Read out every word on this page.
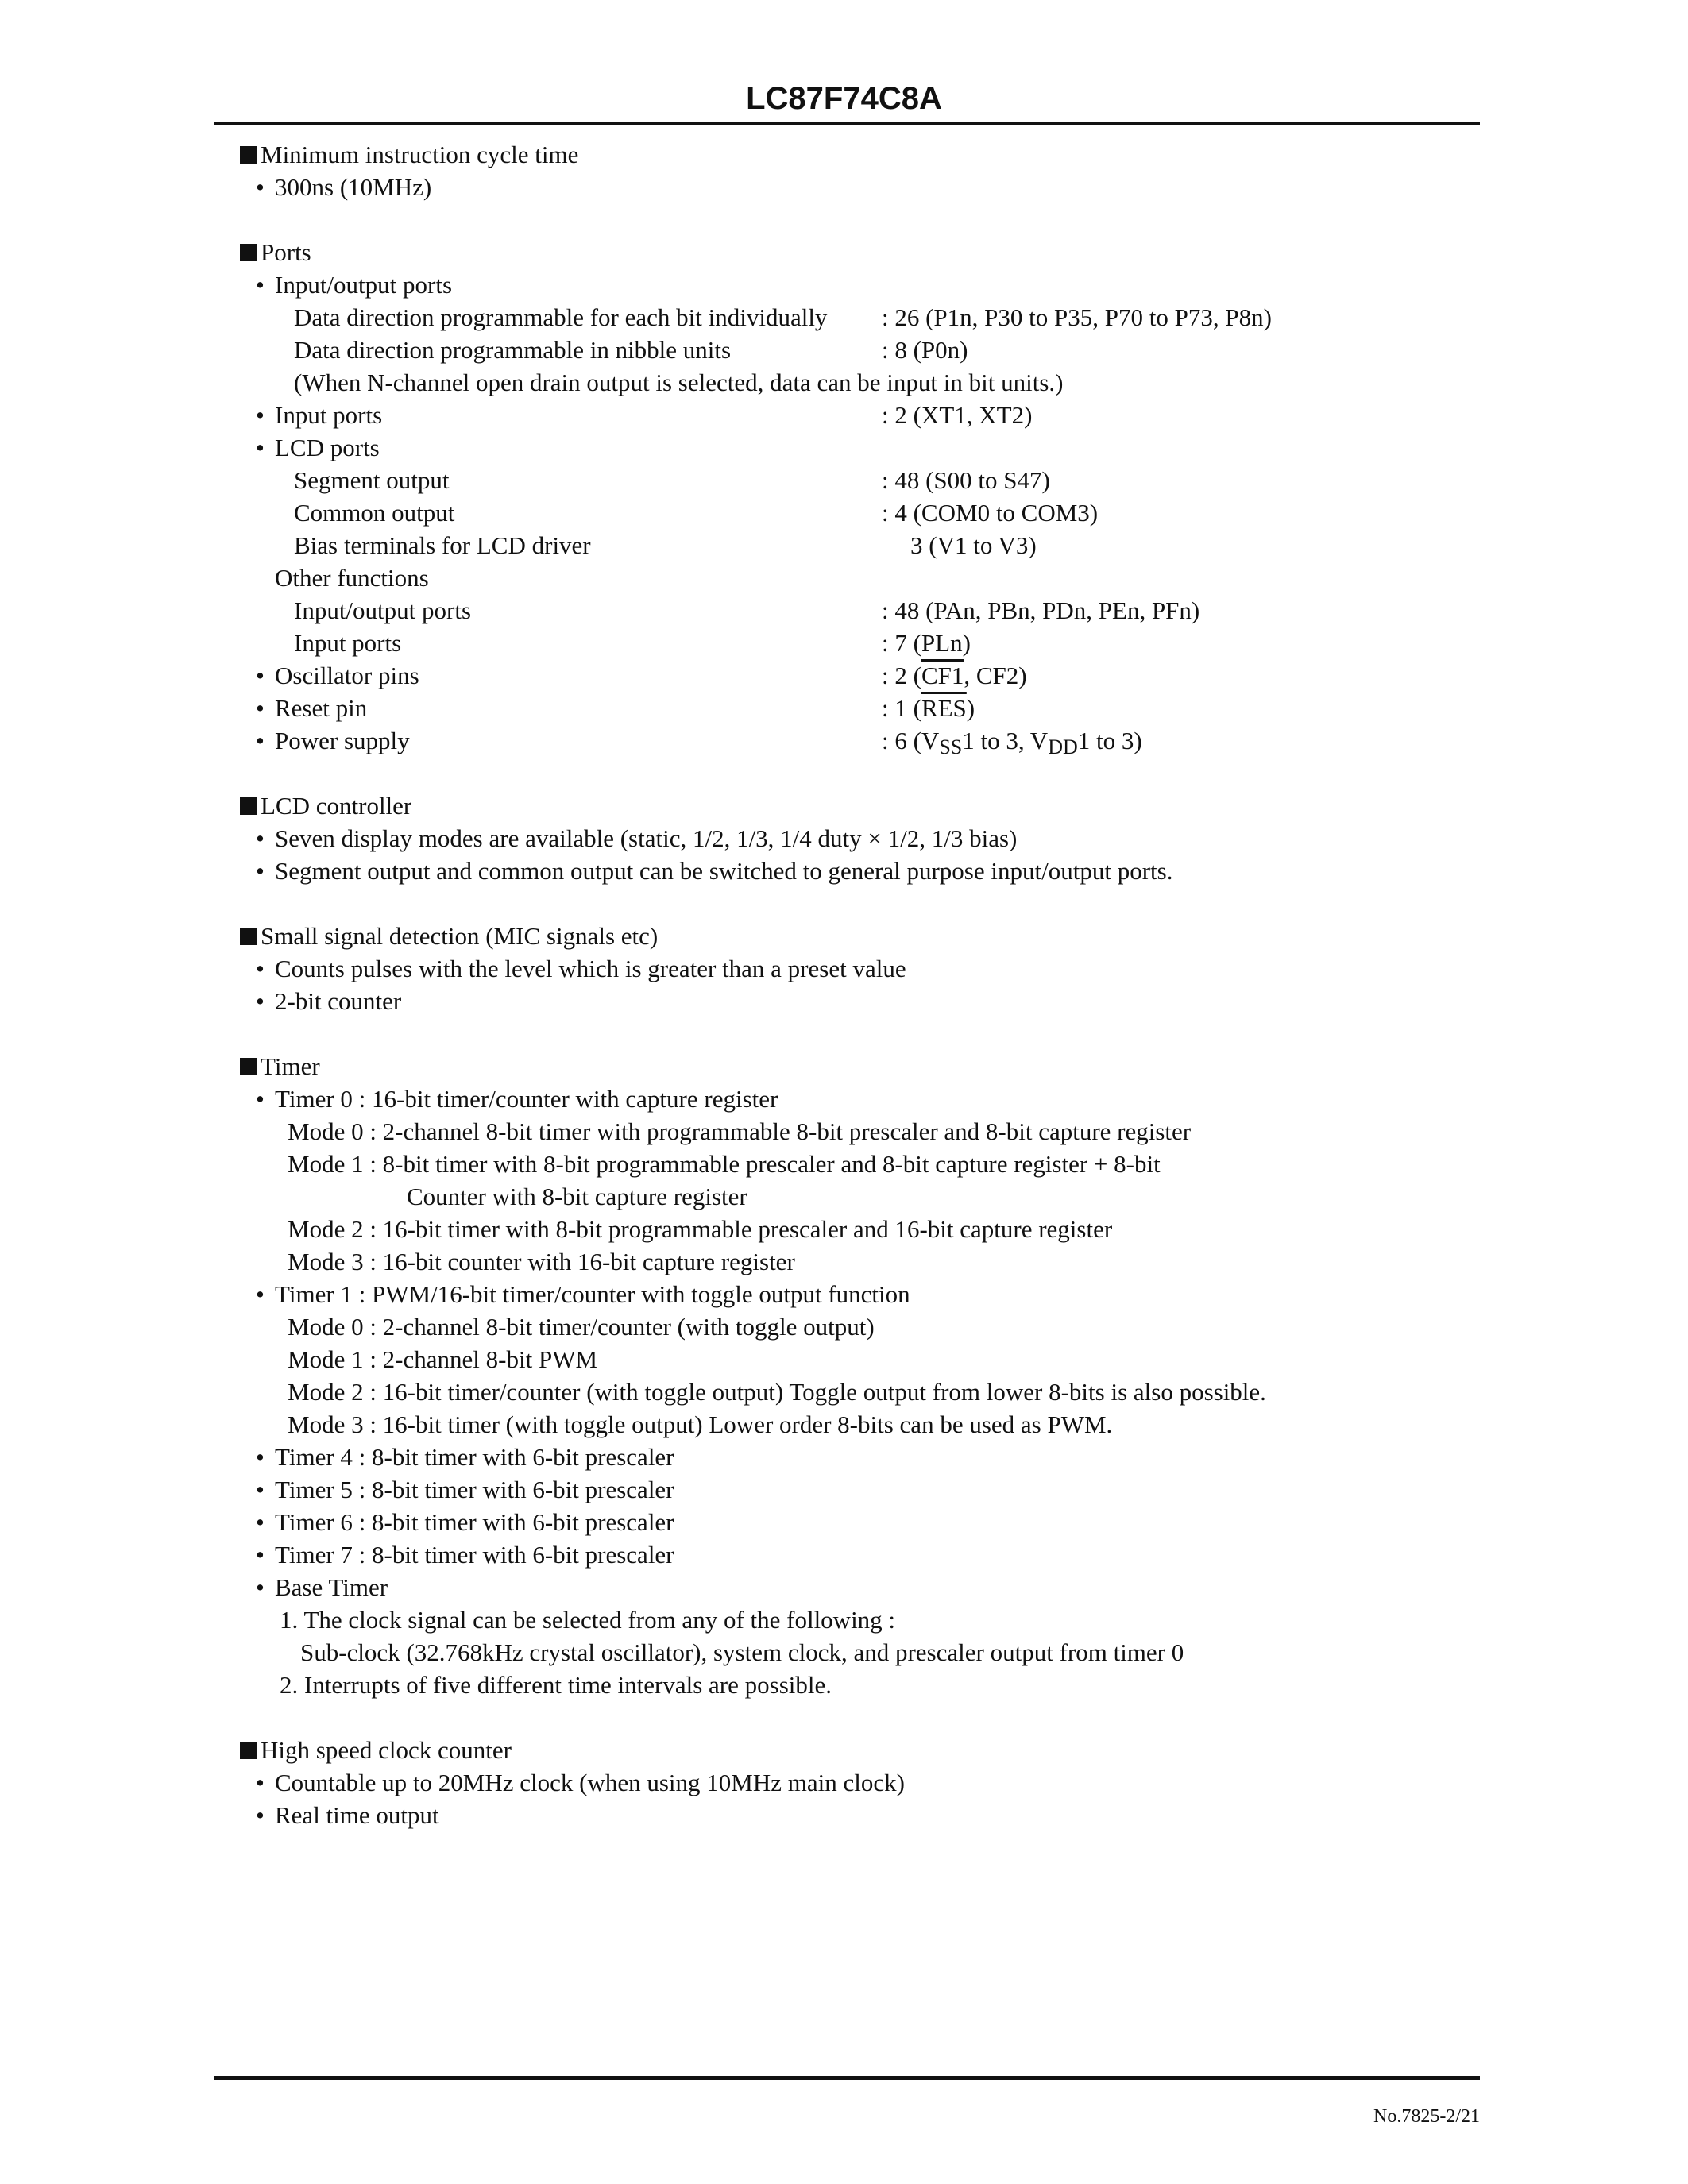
LC87F74C8A
Minimum instruction cycle time
• 300ns (10MHz)
Ports
• Input/output ports
Data direction programmable for each bit individually : 26 (P1n, P30 to P35, P70 to P73, P8n)
Data direction programmable in nibble units	: 8 (P0n)
(When N-channel open drain output is selected, data can be input in bit units.)
• Input ports	: 2 (XT1, XT2)
• LCD ports
Segment output	: 48 (S00 to S47)
Common output	: 4 (COM0 to COM3)
Bias terminals for LCD driver	3 (V1 to V3)
Other functions
Input/output ports	: 48 (PAn, PBn, PDn, PEn, PFn)
Input ports	: 7 (PLn)
• Oscillator pins	: 2 (CF1, CF2)
• Reset pin	: 1 $(\overline{RES})$
• Power supply	: 6 ($V_{SS}1$ to 3, $V_{DD}1$ to 3)
LCD controller
• Seven display modes are available (static, 1/2, 1/3, 1/4 duty × 1/2, 1/3 bias)
• Segment output and common output can be switched to general purpose input/output ports.
Small signal detection (MIC signals etc)
• Counts pulses with the level which is greater than a preset value
• 2-bit counter
Timer
• Timer 0 : 16-bit timer/counter with capture register
Mode 0 : 2-channel 8-bit timer with programmable 8-bit prescaler and 8-bit capture register
Mode 1 : 8-bit timer with 8-bit programmable prescaler and 8-bit capture register + 8-bit
Counter with 8-bit capture register
Mode 2 : 16-bit timer with 8-bit programmable prescaler and 16-bit capture register
Mode 3 : 16-bit counter with 16-bit capture register
• Timer 1 : PWM/16-bit timer/counter with toggle output function
Mode 0 : 2-channel 8-bit timer/counter (with toggle output)
Mode 1 : 2-channel 8-bit PWM
Mode 2 : 16-bit timer/counter (with toggle output) Toggle output from lower 8-bits is also possible.
Mode 3 : 16-bit timer (with toggle output) Lower order 8-bits can be used as PWM.
• Timer 4 : 8-bit timer with 6-bit prescaler
• Timer 5 : 8-bit timer with 6-bit prescaler
• Timer 6 : 8-bit timer with 6-bit prescaler
• Timer 7 : 8-bit timer with 6-bit prescaler
• Base Timer
1. The clock signal can be selected from any of the following :
Sub-clock (32.768kHz crystal oscillator), system clock, and prescaler output from timer 0
2. Interrupts of five different time intervals are possible.
High speed clock counter
• Countable up to 20MHz clock (when using 10MHz main clock)
• Real time output
No.7825-2/21
